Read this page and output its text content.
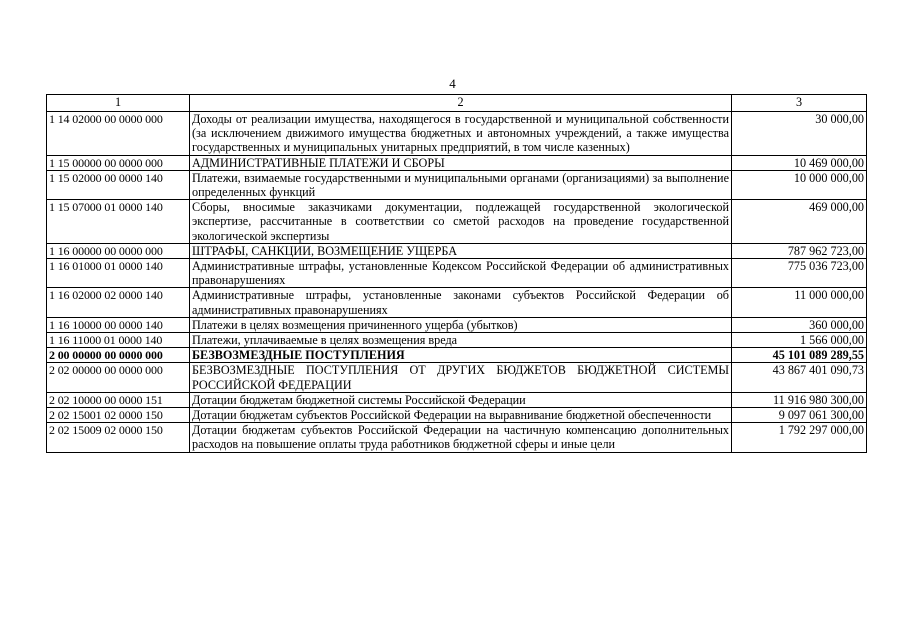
4
1	2	3
1 14 02000 00 0000 000	Доходы от реализации имущества, находящегося в государственной и муниципальной собственности (за исключением движимого имущества бюджетных и автономных учреждений, а также имущества государственных и муниципальных унитарных предприятий, в том числе казенных)	30 000,00
1 15 00000 00 0000 000	АДМИНИСТРАТИВНЫЕ ПЛАТЕЖИ И СБОРЫ	10 469 000,00
1 15 02000 00 0000 140	Платежи, взимаемые государственными и муниципальными органами (организациями) за выполнение определенных функций	10 000 000,00
1 15 07000 01 0000 140	Сборы, вносимые заказчиками документации, подлежащей государственной экологической экспертизе, рассчитанные в соответствии со сметой расходов на проведение государственной экологической экспертизы	469 000,00
1 16 00000 00 0000 000	ШТРАФЫ, САНКЦИИ, ВОЗМЕЩЕНИЕ УЩЕРБА	787 962 723,00
1 16 01000 01 0000 140	Административные штрафы, установленные Кодексом Российской Федерации об административных правонарушениях	775 036 723,00
1 16 02000 02 0000 140	Административные штрафы, установленные законами субъектов Российской Федерации об административных правонарушениях	11 000 000,00
1 16 10000 00 0000 140	Платежи в целях возмещения причиненного ущерба (убытков)	360 000,00
1 16 11000 01 0000 140	Платежи, уплачиваемые в целях возмещения вреда	1 566 000,00
2 00 00000 00 0000 000	БЕЗВОЗМЕЗДНЫЕ ПОСТУПЛЕНИЯ	45 101 089 289,55
2 02 00000 00 0000 000	БЕЗВОЗМЕЗДНЫЕ ПОСТУПЛЕНИЯ ОТ ДРУГИХ БЮДЖЕТОВ БЮДЖЕТНОЙ СИСТЕМЫ РОССИЙСКОЙ ФЕДЕРАЦИИ	43 867 401 090,73
2 02 10000 00 0000 151	Дотации бюджетам бюджетной системы Российской Федерации	11 916 980 300,00
2 02 15001 02 0000 150	Дотации бюджетам субъектов Российской Федерации на выравнивание бюджетной обеспеченности	9 097 061 300,00
2 02 15009 02 0000 150	Дотации бюджетам субъектов Российской Федерации на частичную компенсацию дополнительных расходов на повышение оплаты труда работников бюджетной сферы и иные цели	1 792 297 000,00
